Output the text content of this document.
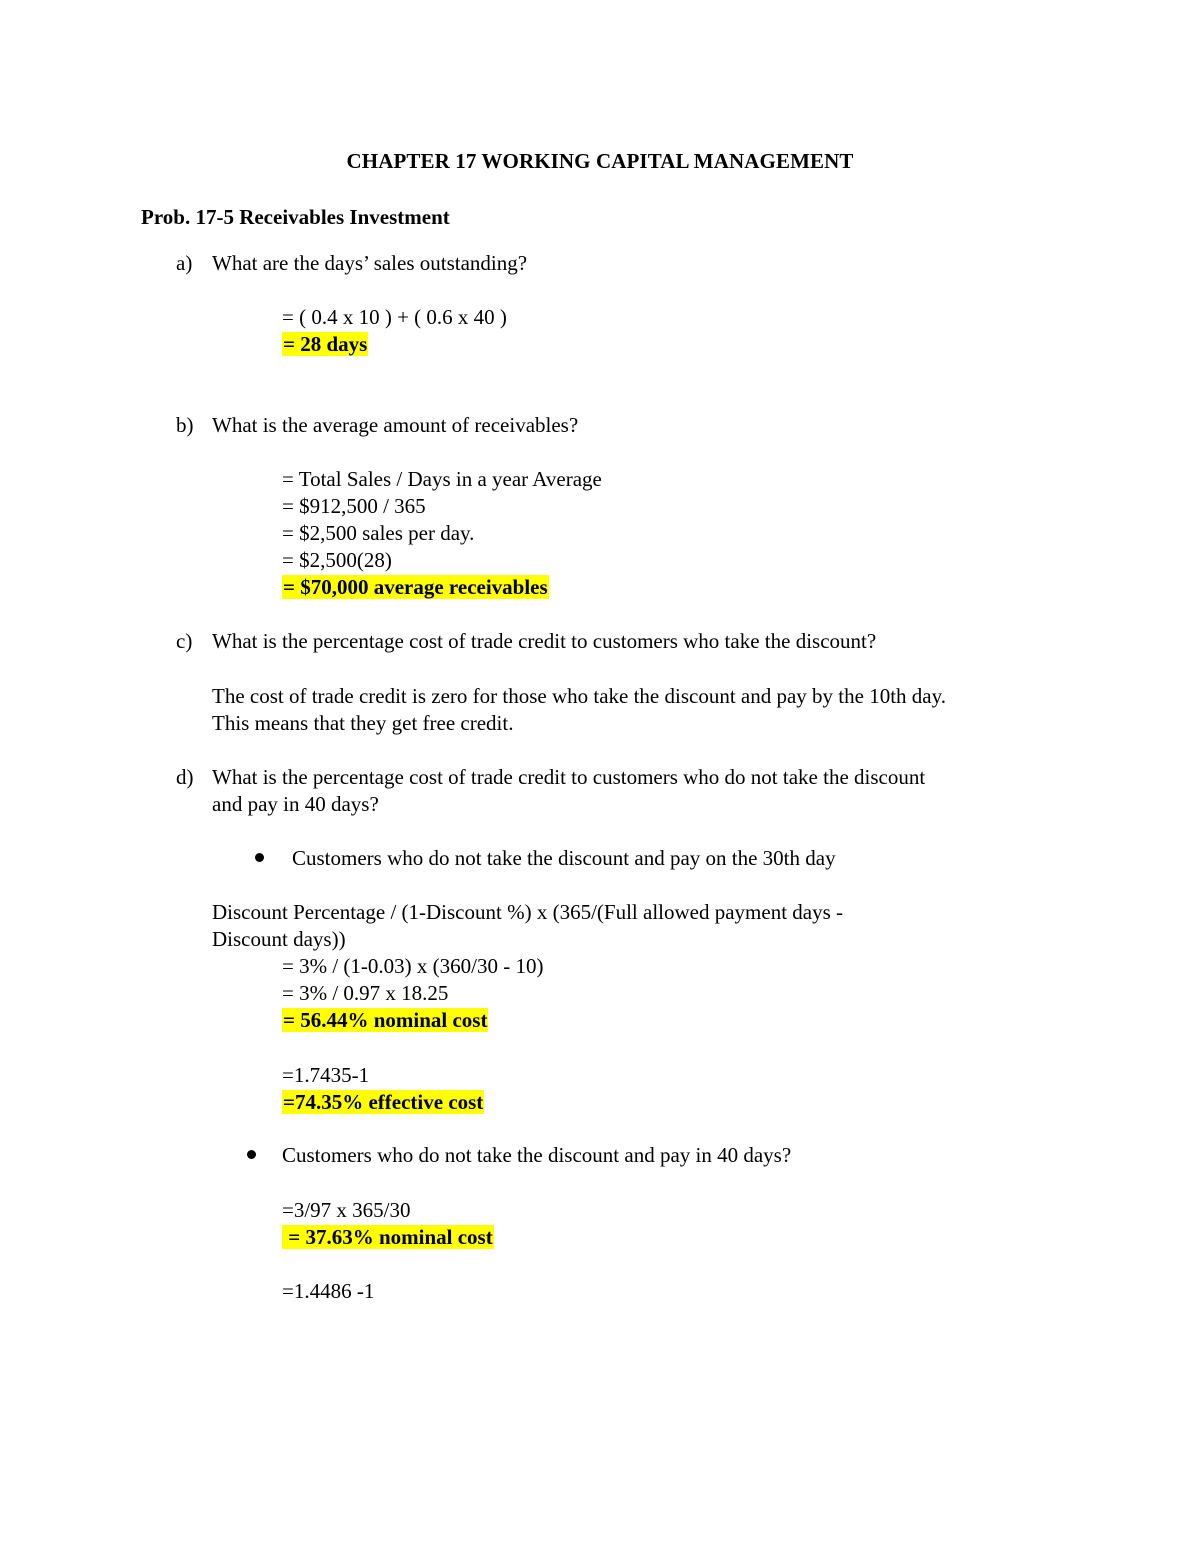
CHAPTER 17 WORKING CAPITAL MANAGEMENT
Prob. 17-5 Receivables Investment
a) What are the days’ sales outstanding?
= ( 0.4 x 10 ) + ( 0.6 x 40 )
= 28 days
b) What is the average amount of receivables?
= Total Sales / Days in a year Average
= $912,500 / 365
= $2,500 sales per day.
= $2,500(28)
= $70,000 average receivables
c) What is the percentage cost of trade credit to customers who take the discount?
The cost of trade credit is zero for those who take the discount and pay by the 10th day.
This means that they get free credit.
d) What is the percentage cost of trade credit to customers who do not take the discount
and pay in 40 days?
Customers who do not take the discount and pay on the 30th day
Discount Percentage / (1-Discount %) x (365/(Full allowed payment days -
Discount days))
= 3% / (1-0.03) x (360/30 - 10)
= 3% / 0.97 x 18.25
= 56.44% nominal cost
=1.7435-1
=74.35% effective cost
Customers who do not take the discount and pay in 40 days?
=3/97 x 365/30
= 37.63% nominal cost
=1.4486 -1
